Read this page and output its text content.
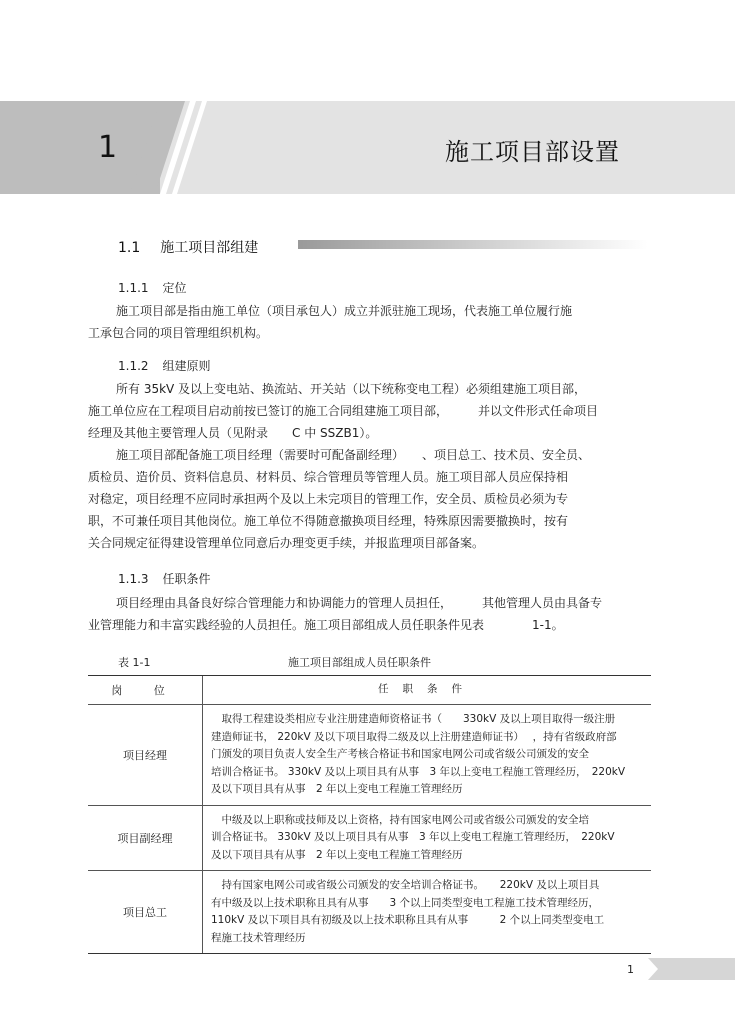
1	施工项目部设置
1.1 施工项目部组建
1.1.1 定位
施工项目部是指由施工单位（项目承包人）成立并派驻施工现场，代表施工单位履行施
工承包合同的项目管理组织机构。
1.1.2 组建原则
所有 35kV 及以上变电站、换流站、开关站（以下统称变电工程）必须组建施工项目部，
施工单位应在工程项目启动前按已签订的施工合同组建施工项目部，　　　并以文件形式任命项目
经理及其他主要管理人员（见附录　　C 中 SSZB1）。
施工项目部配备施工项目经理（需要时可配备副经理）　　、项目总工、技术员、安全员、
质检员、造价员、资料信息员、材料员、综合管理员等管理人员。施工项目部人员应保持相
对稳定，项目经理不应同时承担两个及以上未完项目的管理工作，安全员、质检员必须为专
职，不可兼任项目其他岗位。施工单位不得随意撤换项目经理，特殊原因需要撤换时，按有
关合同规定征得建设管理单位同意后办理变更手续，并报监理项目部备案。
1.1.3 任职条件
项目经理由具备良好综合管理能力和协调能力的管理人员担任，　　　其他管理人员由具备专
业管理能力和丰富实践经验的人员担任。施工项目部组成人员任职条件见表　　　　1-1。
表 1-1	施工项目部组成人员任职条件
岗 位	任职条件
项目经理
　取得工程建设类相应专业注册建造师资格证书（　　330kV 及以上项目取得一级注册
建造师证书， 220kV 及以下项目取得二级及以上注册建造师证书）　 ，持有省级政府部
门颁发的项目负责人安全生产考核合格证书和国家电网公司或省级公司颁发的安全
培训合格证书。 330kV 及以上项目具有从事　3 年以上变电工程施工管理经历，　220kV
及以下项目具有从事　2 年以上变电工程施工管理经历
项目副经理
　中级及以上职称或技师及以上资格，持有国家电网公司或省级公司颁发的安全培
训合格证书。 330kV 及以上项目具有从事　3 年以上变电工程施工管理经历，　220kV
及以下项目具有从事　2 年以上变电工程施工管理经历
项目总工
　持有国家电网公司或省级公司颁发的安全培训合格证书。　　220kV 及以上项目具
有中级及以上技术职称且具有从事　　3 个以上同类型变电工程施工技术管理经历，
110kV 及以下项目具有初级及以上技术职称且具有从事　　　2 个以上同类型变电工
程施工技术管理经历
1
